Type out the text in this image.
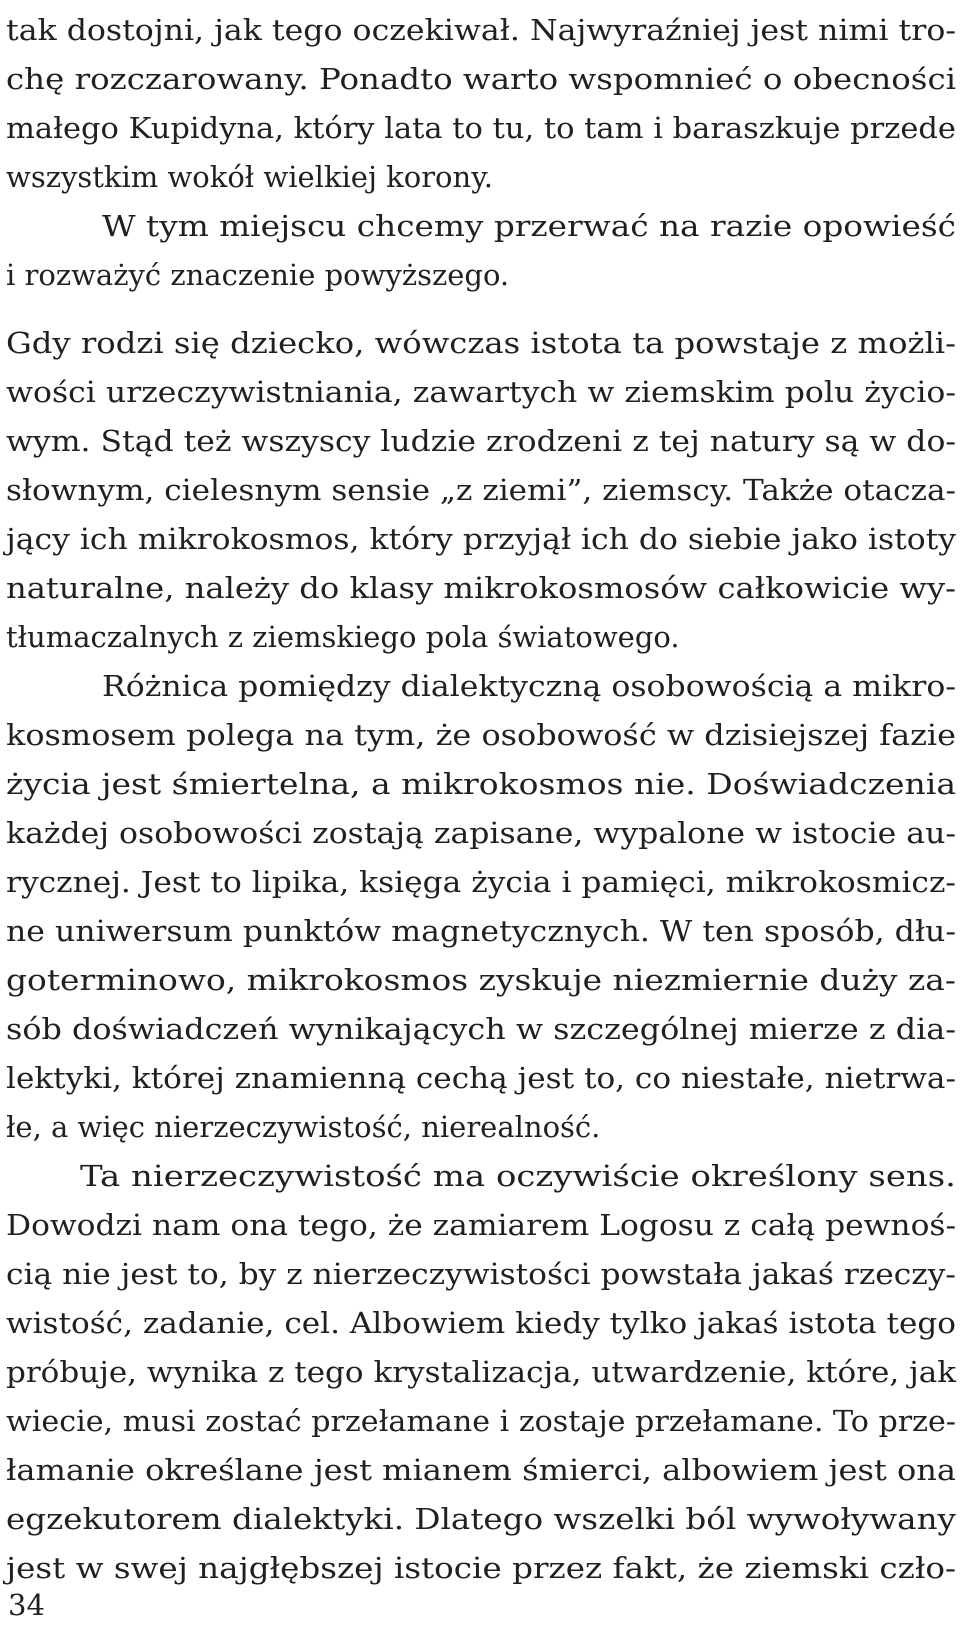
tak dostojni, jak tego oczekiwał. Najwyraźniej jest nimi tro-
chę rozczarowany. Ponadto warto wspomnieć o obecności
małego Kupidyna, który lata to tu, to tam i baraszkuje przede
wszystkim wokół wielkiej korony.
W tym miejscu chcemy przerwać na razie opowieść
i rozważyć znaczenie powyższego.
Gdy rodzi się dziecko, wówczas istota ta powstaje z możli-
wości urzeczywistniania, zawartych w ziemskim polu życio-
wym. Stąd też wszyscy ludzie zrodzeni z tej natury są w do-
słownym, cielesnym sensie „z ziemi”, ziemscy. Także otacza-
jący ich mikrokosmos, który przyjął ich do siebie jako istoty
naturalne, należy do klasy mikrokosmosów całkowicie wy-
tłumaczalnych z ziemskiego pola światowego.
Różnica pomiędzy dialektyczną osobowością a mikro-
kosmosem polega na tym, że osobowość w dzisiejszej fazie
życia jest śmiertelna, a mikrokosmos nie. Doświadczenia
każdej osobowości zostają zapisane, wypalone w istocie au-
rycznej. Jest to lipika, księga życia i pamięci, mikrokosmicz-
ne uniwersum punktów magnetycznych. W ten sposób, dłu-
goterminowo, mikrokosmos zyskuje niezmiernie duży za-
sób doświadczeń wynikających w szczególnej mierze z dia-
lektyki, której znamienną cechą jest to, co niestałe, nietrwa-
łe, a więc nierzeczywistość, nierealność.
Ta nierzeczywistość ma oczywiście określony sens.
Dowodzi nam ona tego, że zamiarem Logosu z całą pewnoś-
cią nie jest to, by z nierzeczywistości powstała jakaś rzeczy-
wistość, zadanie, cel. Albowiem kiedy tylko jakaś istota tego
próbuje, wynika z tego krystalizacja, utwardzenie, które, jak
wiecie, musi zostać przełamane i zostaje przełamane. To prze-
łamanie określane jest mianem śmierci, albowiem jest ona
egzekutorem dialektyki. Dlatego wszelki ból wywoływany
jest w swej najgłębszej istocie przez fakt, że ziemski czło-
34
